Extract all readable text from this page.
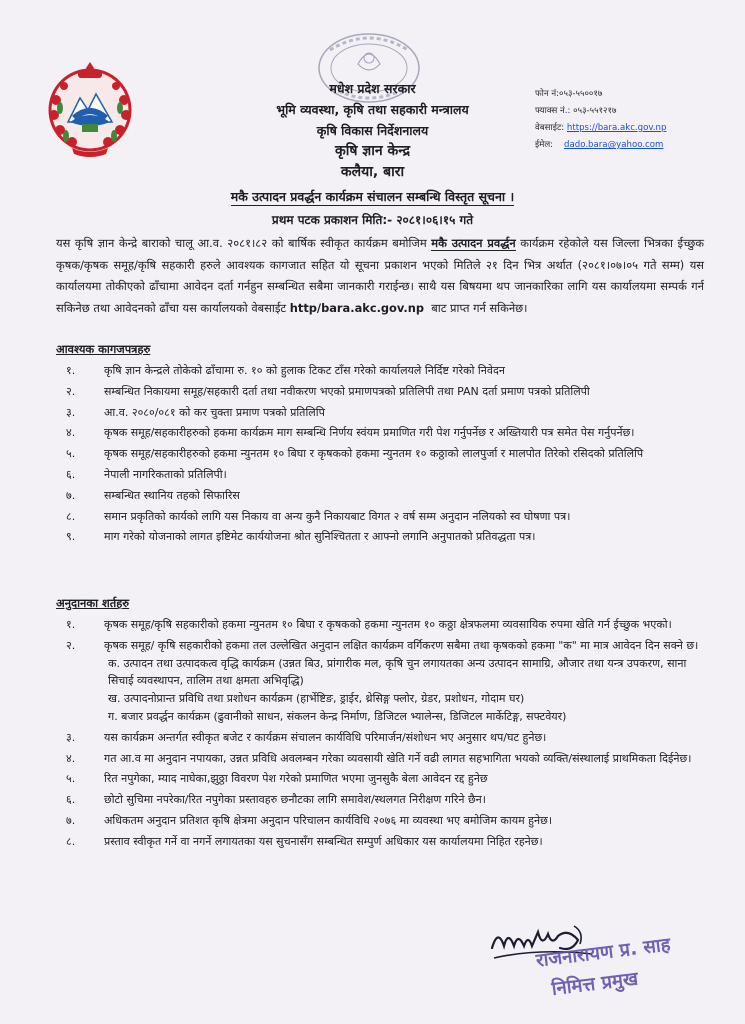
मधेश प्रदेश सरकार
भूमि व्यवस्था, कृषि तथा सहकारी मन्त्रालय
कृषि विकास निर्देशनालय
कृषि ज्ञान केन्द्र
कलैया, बारा
फोन नं:०५३-५५००१७
फ्याक्स नं.: ०५३-५५१२१७
वेबसाईट: https://bara.akc.gov.np
ईमेल: dado.bara@yahoo.com
मकै उत्पादन प्रवर्द्धन कार्यक्रम संचालन सम्बन्धि विस्तृत सूचना ।
प्रथम पटक प्रकाशन मिति:- २०८१।०६।१५ गते
यस कृषि ज्ञान केन्द्रे बाराको चालू आ.व. २०८१।८२ को बार्षिक स्वीकृत कार्यक्रम बमोजिम मकै उत्पादन प्रवर्द्धन कार्यक्रम रहेकोले यस जिल्ला भित्रका ईच्छुक कृषक/कृषक समूह/कृषि सहकारी हरुले आवश्यक कागजात सहित यो सूचना प्रकाशन भएको मितिले २१ दिन भित्र अर्थात (२०८१।०७।०५ गते सम्म) यस कार्यालयमा तोकीएको ढाँचामा आवेदन दर्ता गर्नहुन सम्बन्धित सबैमा जानकारी गराईन्छ। साथै यस बिषयमा थप जानकारिका लागि यस कार्यालयमा सम्पर्क गर्न सकिनेछ तथा आवेदनको ढाँचा यस कार्यालयको वेबसाईट http/bara.akc.gov.np बाट प्राप्त गर्न सकिनेछ।
आवश्यक कागजपत्रहरु
१.	कृषि ज्ञान केन्द्रले तोकेको ढाँचामा रु. १० को हुलाक टिकट टाँस गरेको कार्यालयले निर्दिष्ट गरेको निवेदन
२.	सम्बन्धित निकायमा समूह/सहकारी दर्ता तथा नवीकरण भएको प्रमाणपत्रको प्रतिलिपी तथा PAN दर्ता प्रमाण पत्रको प्रतिलिपी
३.	आ.व. २०८०/०८१ को कर चुक्ता प्रमाण पत्रको प्रतिलिपि
४.	कृषक समूह/सहकारीहरुको हकमा कार्यक्रम माग सम्बन्धि निर्णय स्वंयम प्रमाणित गरी पेश गर्नुपर्नेछ र अख्तियारी पत्र समेत पेस गर्नुपर्नेछ।
५.	कृषक समूह/सहकारीहरुको हकमा न्युनतम १० बिघा र कृषकको हकमा न्युनतम १० कठ्ठाको लालपुर्जा र मालपोत तिरेको रसिदको प्रतिलिपि
६.	नेपाली नागरिकताको प्रतिलिपी।
७.	सम्बन्धित स्थानिय तहको सिफारिस
८.	समान प्रकृतिको कार्यको लागि यस निकाय वा अन्य कुनै निकायबाट विगत २ वर्ष सम्म अनुदान नलियको स्व घोषणा पत्र।
९.	माग गरेको योजनाको लागत इष्टिमेट कार्ययोजना श्रोत सुनिश्चितता र आफ्नो लगानि अनुपातको प्रतिवद्धता पत्र।
अनुदानका शर्तहरु
१.	कृषक समूह/कृषि सहकारीको हकमा न्युनतम १० बिघा र कृषकको हकमा न्युनतम १० कठ्ठा क्षेत्रफलमा व्यवसायिक रुपमा खेति गर्न ईच्छुक भएको।
२.	कृषक समूह/ कृषि सहकारीको हकमा तल उल्लेखित अनुदान लक्षित कार्यक्रम वर्गिकरण सबैमा तथा कृषकको हकमा "क" मा मात्र आवेदन दिन सक्ने छ।
क. उत्पादन तथा उत्पादकत्व वृद्धि कार्यक्रम (उन्नत बिउ, प्रांगारीक मल, कृषि चुन लगायतका अन्य उत्पादन सामाग्रि, औजार तथा यन्त्र उपकरण, साना सिचाई व्यवस्थापन, तालिम तथा क्षमता अभिवृद्धि)
ख. उत्पादनोप्रान्त प्रविधि तथा प्रशोधन कार्यक्रम (हार्भेष्टिङ, ड्राईर, थ्रेसिङ्ग फ्लोर, ग्रेडर, प्रशोधन, गोदाम घर)
ग. बजार प्रवर्द्धन कार्यक्रम (ढुवानीको साधन, संकलन केन्द्र निर्माण, डिजिटल भ्यालेन्स, डिजिटल मार्केटिङ्ग, सफ्टवेयर)
३.	यस कार्यक्रम अन्तर्गत स्वीकृत बजेट र कार्यक्रम संचालन कार्यविधि परिमार्जन/संशोधन भए अनुसार थप/घट हुनेछ।
४.	गत आ.व मा अनुदान नपायका, उन्नत प्रविधि अवलम्बन गरेका व्यवसायी खेति गर्ने वढी लागत सहभागिता भयको व्यक्ति/संस्थालाई प्राथमिकता दिईनेछ।
५.	रित नपुगेका, म्याद नाघेका,झुठ्ठा विवरण पेश गरेको प्रमाणित भएमा जुनसुकै बेला आवेदन रद्द हुनेछ
६.	छोटो सुचिमा नपरेका/रित नपुगेका प्रस्तावहरु छनौटका लागि समावेश/स्थलगत निरीक्षण गरिने छैन।
७.	अधिकतम अनुदान प्रतिशत कृषि क्षेत्रमा अनुदान परिचालन कार्यविधि २०७६ मा व्यवस्था भए बमोजिम कायम हुनेछ।
८.	प्रस्ताव स्वीकृत गर्ने वा नगर्ने लगायतका यस सुचनासँग सम्बन्धित सम्पुर्ण अधिकार यस कार्यालयमा निहित रहनेछ।
राजनारायण प्र. साह
निमित्त प्रमुख
